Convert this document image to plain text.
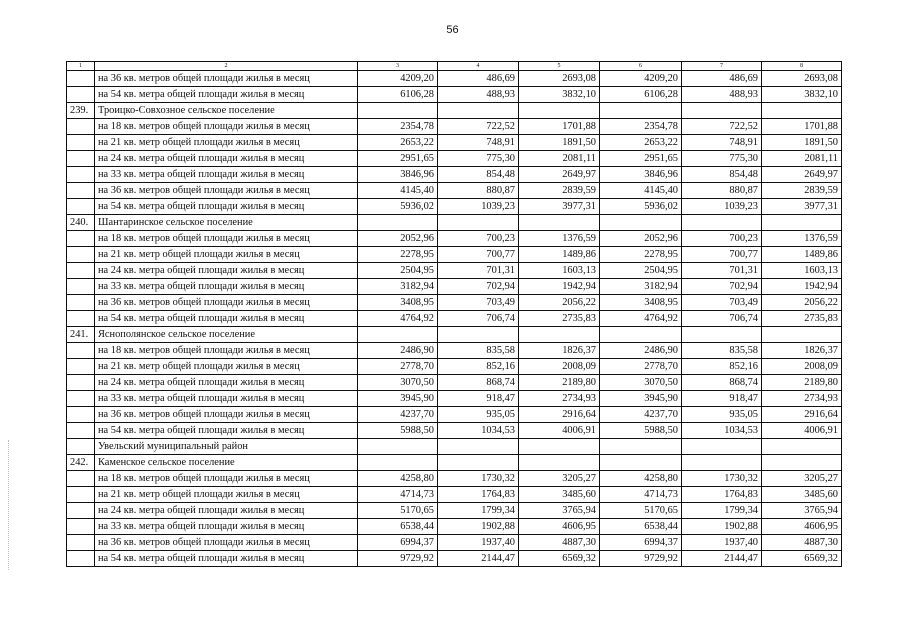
56
1	2	3	4	5	6	7	8
	на 36 кв. метров общей площади жилья в месяц	4209,20	486,69	2693,08	4209,20	486,69	2693,08
	на 54 кв. метра общей площади жилья в месяц	6106,28	488,93	3832,10	6106,28	488,93	3832,10
239.	Троицко-Совхозное сельское поселение						
	на 18 кв. метров общей площади жилья в месяц	2354,78	722,52	1701,88	2354,78	722,52	1701,88
	на 21 кв. метр общей площади жилья в месяц	2653,22	748,91	1891,50	2653,22	748,91	1891,50
	на 24 кв. метра общей площади жилья в месяц	2951,65	775,30	2081,11	2951,65	775,30	2081,11
	на 33 кв. метра общей площади жилья в месяц	3846,96	854,48	2649,97	3846,96	854,48	2649,97
	на 36 кв. метров общей площади жилья в месяц	4145,40	880,87	2839,59	4145,40	880,87	2839,59
	на 54 кв. метра общей площади жилья в месяц	5936,02	1039,23	3977,31	5936,02	1039,23	3977,31
240.	Шантаринское сельское поселение						
	на 18 кв. метров общей площади жилья в месяц	2052,96	700,23	1376,59	2052,96	700,23	1376,59
	на 21 кв. метр общей площади жилья в месяц	2278,95	700,77	1489,86	2278,95	700,77	1489,86
	на 24 кв. метра общей площади жилья в месяц	2504,95	701,31	1603,13	2504,95	701,31	1603,13
	на 33 кв. метра общей площади жилья в месяц	3182,94	702,94	1942,94	3182,94	702,94	1942,94
	на 36 кв. метров общей площади жилья в месяц	3408,95	703,49	2056,22	3408,95	703,49	2056,22
	на 54 кв. метра общей площади жилья в месяц	4764,92	706,74	2735,83	4764,92	706,74	2735,83
241.	Яснополянское сельское поселение						
	на 18 кв. метров общей площади жилья в месяц	2486,90	835,58	1826,37	2486,90	835,58	1826,37
	на 21 кв. метр общей площади жилья в месяц	2778,70	852,16	2008,09	2778,70	852,16	2008,09
	на 24 кв. метра общей площади жилья в месяц	3070,50	868,74	2189,80	3070,50	868,74	2189,80
	на 33 кв. метра общей площади жилья в месяц	3945,90	918,47	2734,93	3945,90	918,47	2734,93
	на 36 кв. метров общей площади жилья в месяц	4237,70	935,05	2916,64	4237,70	935,05	2916,64
	на 54 кв. метра общей площади жилья в месяц	5988,50	1034,53	4006,91	5988,50	1034,53	4006,91
	Увельский муниципальный район						
242.	Каменское сельское поселение						
	на 18 кв. метров общей площади жилья в месяц	4258,80	1730,32	3205,27	4258,80	1730,32	3205,27
	на 21 кв. метр общей площади жилья в месяц	4714,73	1764,83	3485,60	4714,73	1764,83	3485,60
	на 24 кв. метра общей площади жилья в месяц	5170,65	1799,34	3765,94	5170,65	1799,34	3765,94
	на 33 кв. метра общей площади жилья в месяц	6538,44	1902,88	4606,95	6538,44	1902,88	4606,95
	на 36 кв. метров общей площади жилья в месяц	6994,37	1937,40	4887,30	6994,37	1937,40	4887,30
	на 54 кв. метра общей площади жилья в месяц	9729,92	2144,47	6569,32	9729,92	2144,47	6569,32
